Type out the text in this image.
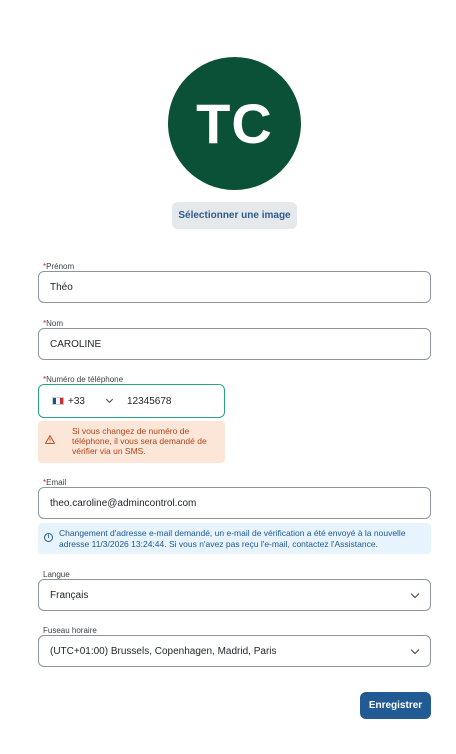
TC
Sélectionner une image
*Prénom
Théo
*Nom
CAROLINE
*Numéro de téléphone
+33	12345678
Si vous changez de numéro de téléphone, il vous sera demandé de vérifier via un SMS.
*Email
theo.caroline@admincontrol.com
i	Changement d'adresse e-mail demandé, un e-mail de vérification a été envoyé à la nouvelle adresse 11/3/2026 13:24:44. Si vous n'avez pas reçu l'e-mail, contactez l'Assistance.
Langue
Français
Fuseau horaire
(UTC+01:00) Brussels, Copenhagen, Madrid, Paris
Enregistrer
